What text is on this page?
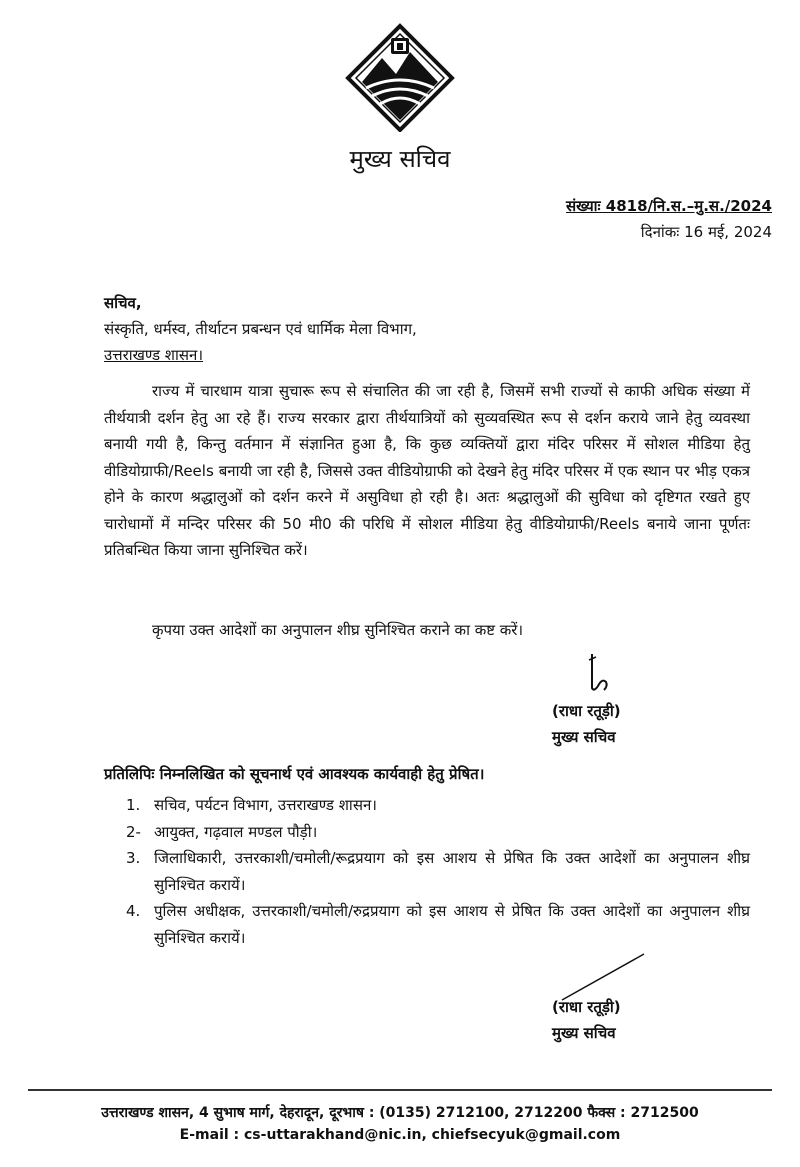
मुख्य सचिव
संख्याः 4818/नि.स.–मु.स./2024
दिनांकः 16 मई, 2024
सचिव,
संस्कृति, धर्मस्व, तीर्थाटन प्रबन्धन एवं धार्मिक मेला विभाग,
उत्तराखण्ड शासन।
राज्य में चारधाम यात्रा सुचारू रूप से संचालित की जा रही है, जिसमें सभी राज्यों से काफी अधिक संख्या में तीर्थयात्री दर्शन हेतु आ रहे हैं। राज्य सरकार द्वारा तीर्थयात्रियों को सुव्यवस्थित रूप से दर्शन कराये जाने हेतु व्यवस्था बनायी गयी है, किन्तु वर्तमान में संज्ञानित हुआ है, कि कुछ व्यक्तियों द्वारा मंदिर परिसर में सोशल मीडिया हेतु वीडियोग्राफी/Reels बनायी जा रही है, जिससे उक्त वीडियोग्राफी को देखने हेतु मंदिर परिसर में एक स्थान पर भीड़ एकत्र होने के कारण श्रद्धालुओं को दर्शन करने में असुविधा हो रही है। अतः श्रद्धालुओं की सुविधा को दृष्टिगत रखते हुए चारोधामों में मन्दिर परिसर की 50 मी0 की परिधि में सोशल मीडिया हेतु वीडियोग्राफी/Reels बनाये जाना पूर्णतः प्रतिबन्धित किया जाना सुनिश्चित करें।
कृपया उक्त आदेशों का अनुपालन शीघ्र सुनिश्चित कराने का कष्ट करें।
(राधा रतूड़ी)
मुख्य सचिव
प्रतिलिपिः निम्नलिखित को सूचनार्थ एवं आवश्यक कार्यवाही हेतु प्रेषित।
1. सचिव, पर्यटन विभाग, उत्तराखण्ड शासन।
2- आयुक्त, गढ़वाल मण्डल पौड़ी।
3. जिलाधिकारी, उत्तरकाशी/चमोली/रूद्रप्रयाग को इस आशय से प्रेषित कि उक्त आदेशों का अनुपालन शीघ्र सुनिश्चित करायें।
4. पुलिस अधीक्षक, उत्तरकाशी/चमोली/रुद्रप्रयाग को इस आशय से प्रेषित कि उक्त आदेशों का अनुपालन शीघ्र सुनिश्चित करायें।
(राधा रतूड़ी)
मुख्य सचिव
उत्तराखण्ड शासन, 4 सुभाष मार्ग, देहरादून, दूरभाष : (0135) 2712100, 2712200 फैक्स : 2712500
E-mail : cs-uttarakhand@nic.in, chiefsecyuk@gmail.com
